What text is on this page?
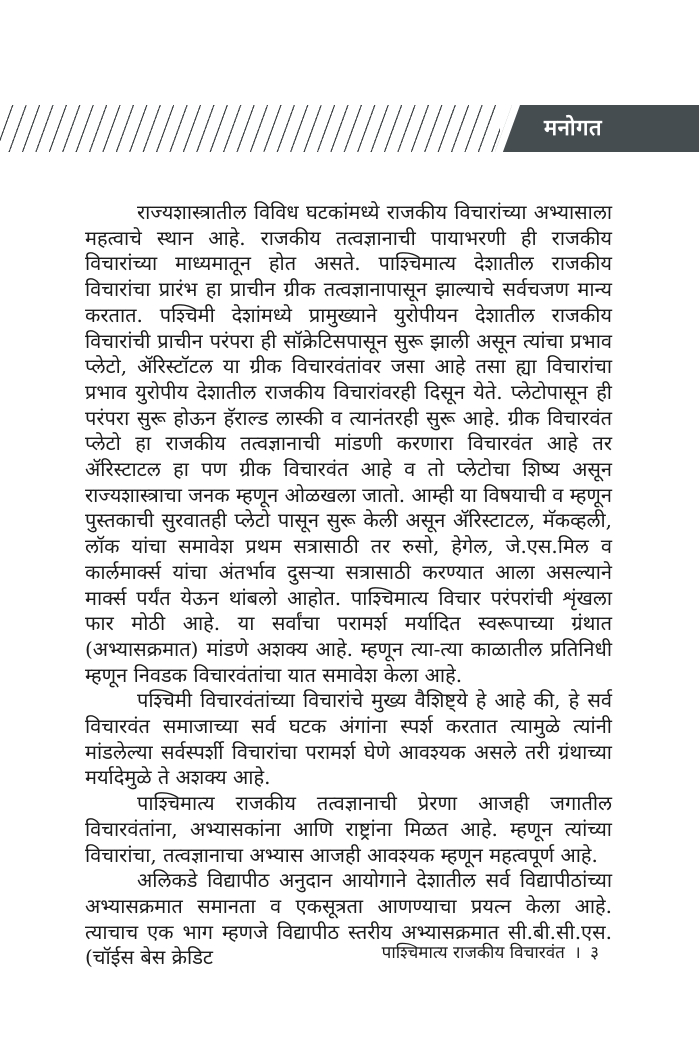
मनोगत

राज्यशास्त्रातील विविध घटकांमध्ये राजकीय विचारांच्या अभ्यासाला महत्वाचे स्थान आहे. राजकीय तत्वज्ञानाची पायाभरणी ही राजकीय विचारांच्या माध्यमातून होत असते. पाश्चिमात्य देशातील राजकीय विचारांचा प्रारंभ हा प्राचीन ग्रीक तत्वज्ञानापासून झाल्याचे सर्वचजण मान्य करतात. पश्चिमी देशांमध्ये प्रामुख्याने युरोपीयन देशातील राजकीय विचारांची प्राचीन परंपरा ही सॉक्रेटिसपासून सुरू झाली असून त्यांचा प्रभाव प्लेटो, ॲरिस्टॉटल या ग्रीक विचारवंतांवर जसा आहे तसा ह्या विचारांचा प्रभाव युरोपीय देशातील राजकीय विचारांवरही दिसून येते. प्लेटोपासून ही परंपरा सुरू होऊन हॅराल्ड लास्की व त्यानंतरही सुरू आहे. ग्रीक विचारवंत प्लेटो हा राजकीय तत्वज्ञानाची मांडणी करणारा विचारवंत आहे तर ॲरिस्टाटल हा पण ग्रीक विचारवंत आहे व तो प्लेटोचा शिष्य असून राज्यशास्त्राचा जनक म्हणून ओळखला जातो. आम्ही या विषयाची व म्हणून पुस्तकाची सुरवातही प्लेटो पासून सुरू केली असून ॲरिस्टाटल, मॅकव्हली, लॉक यांचा समावेश प्रथम सत्रासाठी तर रुसो, हेगेल, जे.एस.मिल व कार्लमार्क्स यांचा अंतर्भाव दुसऱ्या सत्रासाठी करण्यात आला असल्याने मार्क्स पर्यंत येऊन थांबलो आहोत. पाश्चिमात्य विचार परंपरांची शृंखला फार मोठी आहे. या सर्वांचा परामर्श मर्यादित स्वरूपाच्या ग्रंथात (अभ्यासक्रमात) मांडणे अशक्य आहे. म्हणून त्या-त्या काळातील प्रतिनिधी म्हणून निवडक विचारवंतांचा यात समावेश केला आहे.

पश्चिमी विचारवंतांच्या विचारांचे मुख्य वैशिष्ट्ये हे आहे की, हे सर्व विचारवंत समाजाच्या सर्व घटक अंगांना स्पर्श करतात त्यामुळे त्यांनी मांडलेल्या सर्वस्पर्शी विचारांचा परामर्श घेणे आवश्यक असले तरी ग्रंथाच्या मर्यादेमुळे ते अशक्य आहे.

पाश्चिमात्य राजकीय तत्वज्ञानाची प्रेरणा आजही जगातील विचारवंतांना, अभ्यासकांना आणि राष्ट्रांना मिळत आहे. म्हणून त्यांच्या विचारांचा, तत्वज्ञानाचा अभ्यास आजही आवश्यक म्हणून महत्वपूर्ण आहे.

अलिकडे विद्यापीठ अनुदान आयोगाने देशातील सर्व विद्यापीठांच्या अभ्यासक्रमात समानता व एकसूत्रता आणण्याचा प्रयत्न केला आहे. त्याचाच एक भाग म्हणजे विद्यापीठ स्तरीय अभ्यासक्रमात सी.बी.सी.एस. (चॉईस बेस क्रेडिट	पाश्चिमात्य राजकीय विचारवंत । ३
